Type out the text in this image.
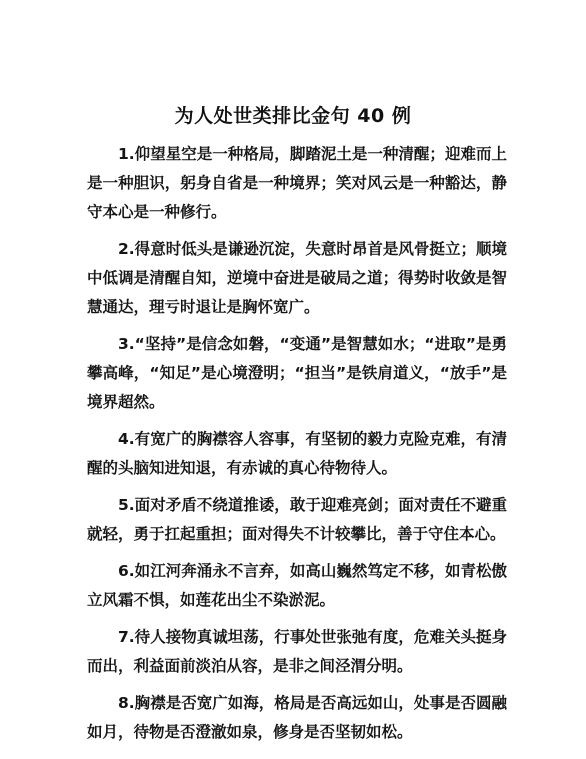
为人处世类排比金句 40 例

1.仰望星空是一种格局，脚踏泥土是一种清醒；迎难而上是一种胆识，躬身自省是一种境界；笑对风云是一种豁达，静守本心是一种修行。

2.得意时低头是谦逊沉淀，失意时昂首是风骨挺立；顺境中低调是清醒自知，逆境中奋进是破局之道；得势时收敛是智慧通达，理亏时退让是胸怀宽广。

3.“坚持”是信念如磐，“变通”是智慧如水；“进取”是勇攀高峰，“知足”是心境澄明；“担当”是铁肩道义，“放手”是境界超然。

4.有宽广的胸襟容人容事，有坚韧的毅力克险克难，有清醒的头脑知进知退，有赤诚的真心待物待人。

5.面对矛盾不绕道推诿，敢于迎难亮剑；面对责任不避重就轻，勇于扛起重担；面对得失不计较攀比，善于守住本心。

6.如江河奔涌永不言弃，如高山巍然笃定不移，如青松傲立风霜不惧，如莲花出尘不染淤泥。

7.待人接物真诚坦荡，行事处世张弛有度，危难关头挺身而出，利益面前淡泊从容，是非之间泾渭分明。

8.胸襟是否宽广如海，格局是否高远如山，处事是否圆融如月，待物是否澄澈如泉，修身是否坚韧如松。
